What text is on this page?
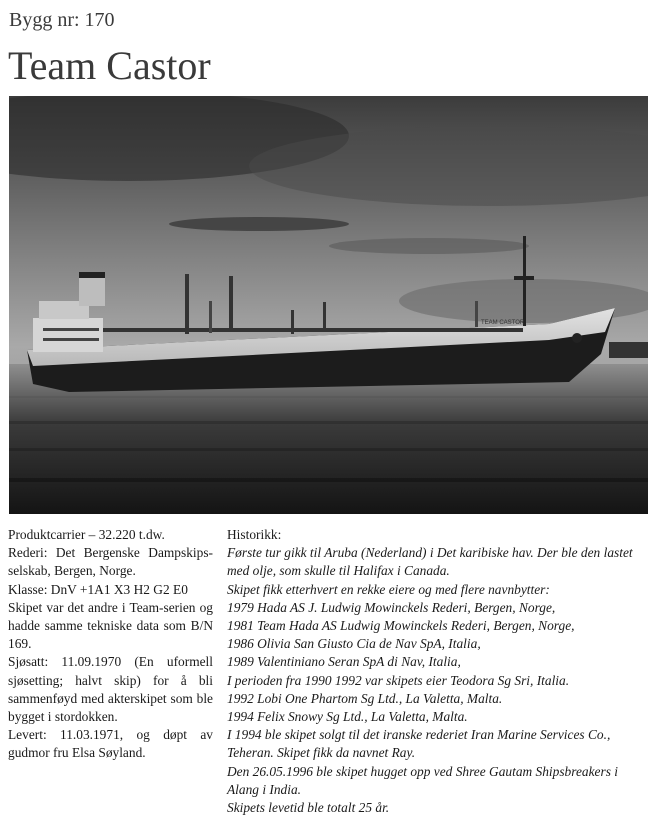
Bygg nr: 170
Team Castor
TEAM CASTOR

Produktcarrier – 32.220 t.dw.

Rederi: Det Bergenske Dampskips-selskab, Bergen, Norge.

Klasse: DnV +1A1 X3 H2 G2 E0

Skipet var det andre i Team-serien og hadde samme tekniske data som B/N 169.

Sjøsatt: 11.09.1970 (En uformell sjøsetting; halvt skip) for å bli sammenføyd med akterskipet som ble bygget i stordokken.

Levert: 11.03.1971, og døpt av gudmor fru Elsa Søyland.

Historikk:

Første tur gikk til Aruba (Nederland) i Det karibiske hav. Der ble den lastet med olje, som skulle til Halifax i Canada.

Skipet fikk etterhvert en rekke eiere og med flere navnbytter:

1979 Hada AS J. Ludwig Mowinckels Rederi, Bergen, Norge,

1981 Team Hada AS Ludwig Mowinckels Rederi, Bergen, Norge,

1986 Olivia San Giusto Cia de Nav SpA, Italia,

1989 Valentiniano Seran SpA di Nav, Italia,

I perioden fra 1990 1992 var skipets eier Teodora Sg Sri, Italia.

1992 Lobi One Phartom Sg Ltd., La Valetta, Malta.

1994 Felix Snowy Sg Ltd., La Valetta, Malta.

I 1994 ble skipet solgt til det iranske rederiet Iran Marine Services Co., Teheran. Skipet fikk da navnet Ray.

Den 26.05.1996 ble skipet hugget opp ved Shree Gautam Shipsbreakers i Alang i India.

Skipets levetid ble totalt 25 år.
